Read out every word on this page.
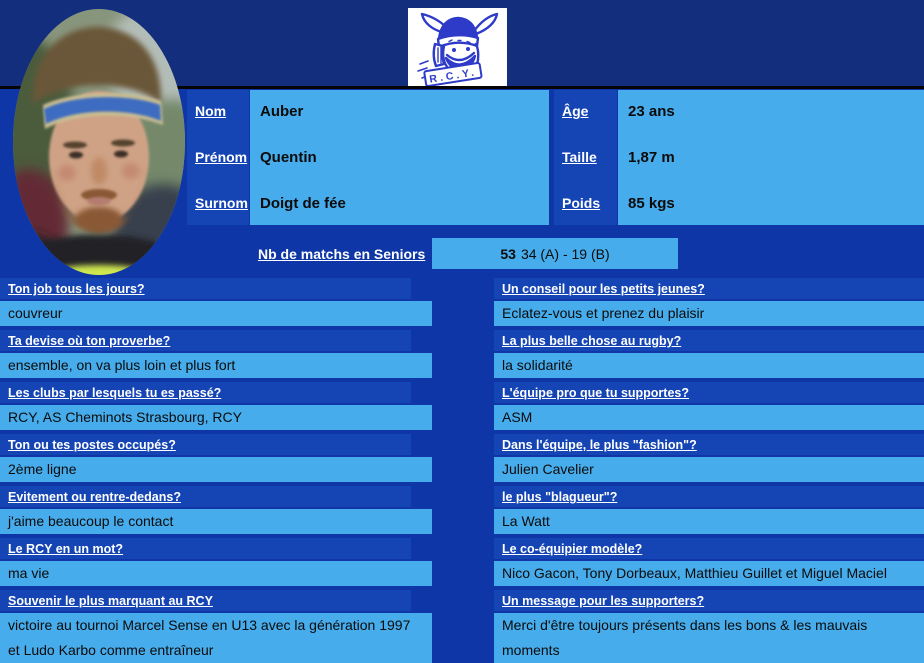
R.C.Y.
Nom
Prénom
Surnom
Auber
Quentin
Doigt de fée
Âge
Taille
Poids
23 ans
1,87 m
85 kgs
Nb de matchs en Seniors	53 34 (A) - 19 (B)
Ton job tous les jours?
couvreur
Ta devise où ton proverbe?
ensemble, on va plus loin et plus fort
Les clubs par lesquels tu es passé?
RCY, AS Cheminots Strasbourg, RCY
Ton ou tes postes occupés?
2ème ligne
Evitement ou rentre-dedans?
j'aime beaucoup le contact
Le RCY en un mot?
ma vie
Souvenir le plus marquant au RCY
victoire au tournoi Marcel Sense en U13 avec la génération 1997 et Ludo Karbo comme entraîneur
Un conseil pour les petits jeunes?
Eclatez-vous et prenez du plaisir
La plus belle chose au rugby?
la solidarité
L'équipe pro que tu supportes?
ASM
Dans l'équipe, le plus "fashion"?
Julien Cavelier
le plus "blagueur"?
La Watt
Le co-équipier modèle?
Nico Gacon, Tony Dorbeaux, Matthieu Guillet et Miguel Maciel
Un message pour les supporters?
Merci d'être toujours présents dans les bons & les mauvais moments
